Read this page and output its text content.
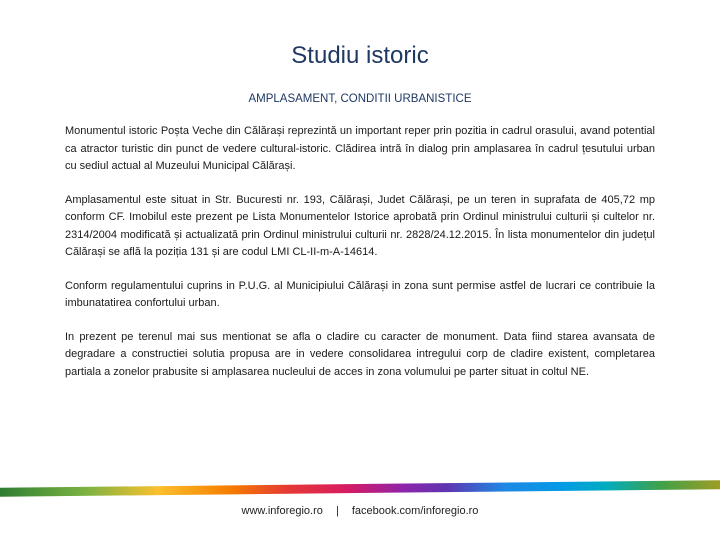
Studiu istoric
AMPLASAMENT, CONDITII URBANISTICE

Monumentul istoric Poșta Veche din Călărași reprezintă un important reper prin pozitia in cadrul orasului, avand potential ca atractor turistic din punct de vedere cultural-istoric. Clădirea intră în dialog prin amplasarea în cadrul țesutului urban cu sediul actual al Muzeului Municipal Călărași.

Amplasamentul este situat in Str. Bucuresti nr. 193, Călărași, Judet Călărași, pe un teren in suprafata de 405,72 mp conform CF. Imobilul este prezent pe Lista Monumentelor Istorice aprobată prin Ordinul ministrului culturii și cultelor nr. 2314/2004 modificată și actualizată prin Ordinul ministrului culturii nr. 2828/24.12.2015. În lista monumentelor din județul Călărași se află la poziția 131 și are codul LMI CL-II-m-A-14614.

Conform regulamentului cuprins in P.U.G. al Municipiului Călărași in zona sunt permise astfel de lucrari ce contribuie la imbunatatirea confortului urban.

In prezent pe terenul mai sus mentionat se afla o cladire cu caracter de monument. Data fiind starea avansata de degradare a constructiei solutia propusa are in vedere consolidarea intregului corp de cladire existent, completarea partiala a zonelor prabusite si amplasarea nucleului de acces in zona volumului pe parter situat in coltul NE.

www.inforegio.ro | facebook.com/inforegio.ro
